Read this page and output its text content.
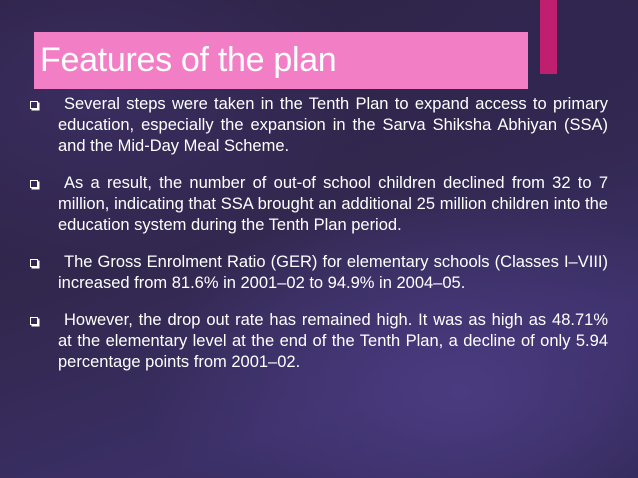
Features of the plan
Several steps were taken in the Tenth Plan to expand access to primary education, especially the expansion in the Sarva Shiksha Abhiyan (SSA) and the Mid-Day Meal Scheme.
As a result, the number of out-of school children declined from 32 to 7 million, indicating that SSA brought an additional 25 million children into the education system during the Tenth Plan period.
The Gross Enrolment Ratio (GER) for elementary schools (Classes I–VIII) increased from 81.6% in 2001–02 to 94.9% in 2004–05.
However, the drop out rate has remained high. It was as high as 48.71% at the elementary level at the end of the Tenth Plan, a decline of only 5.94 percentage points from 2001–02.
